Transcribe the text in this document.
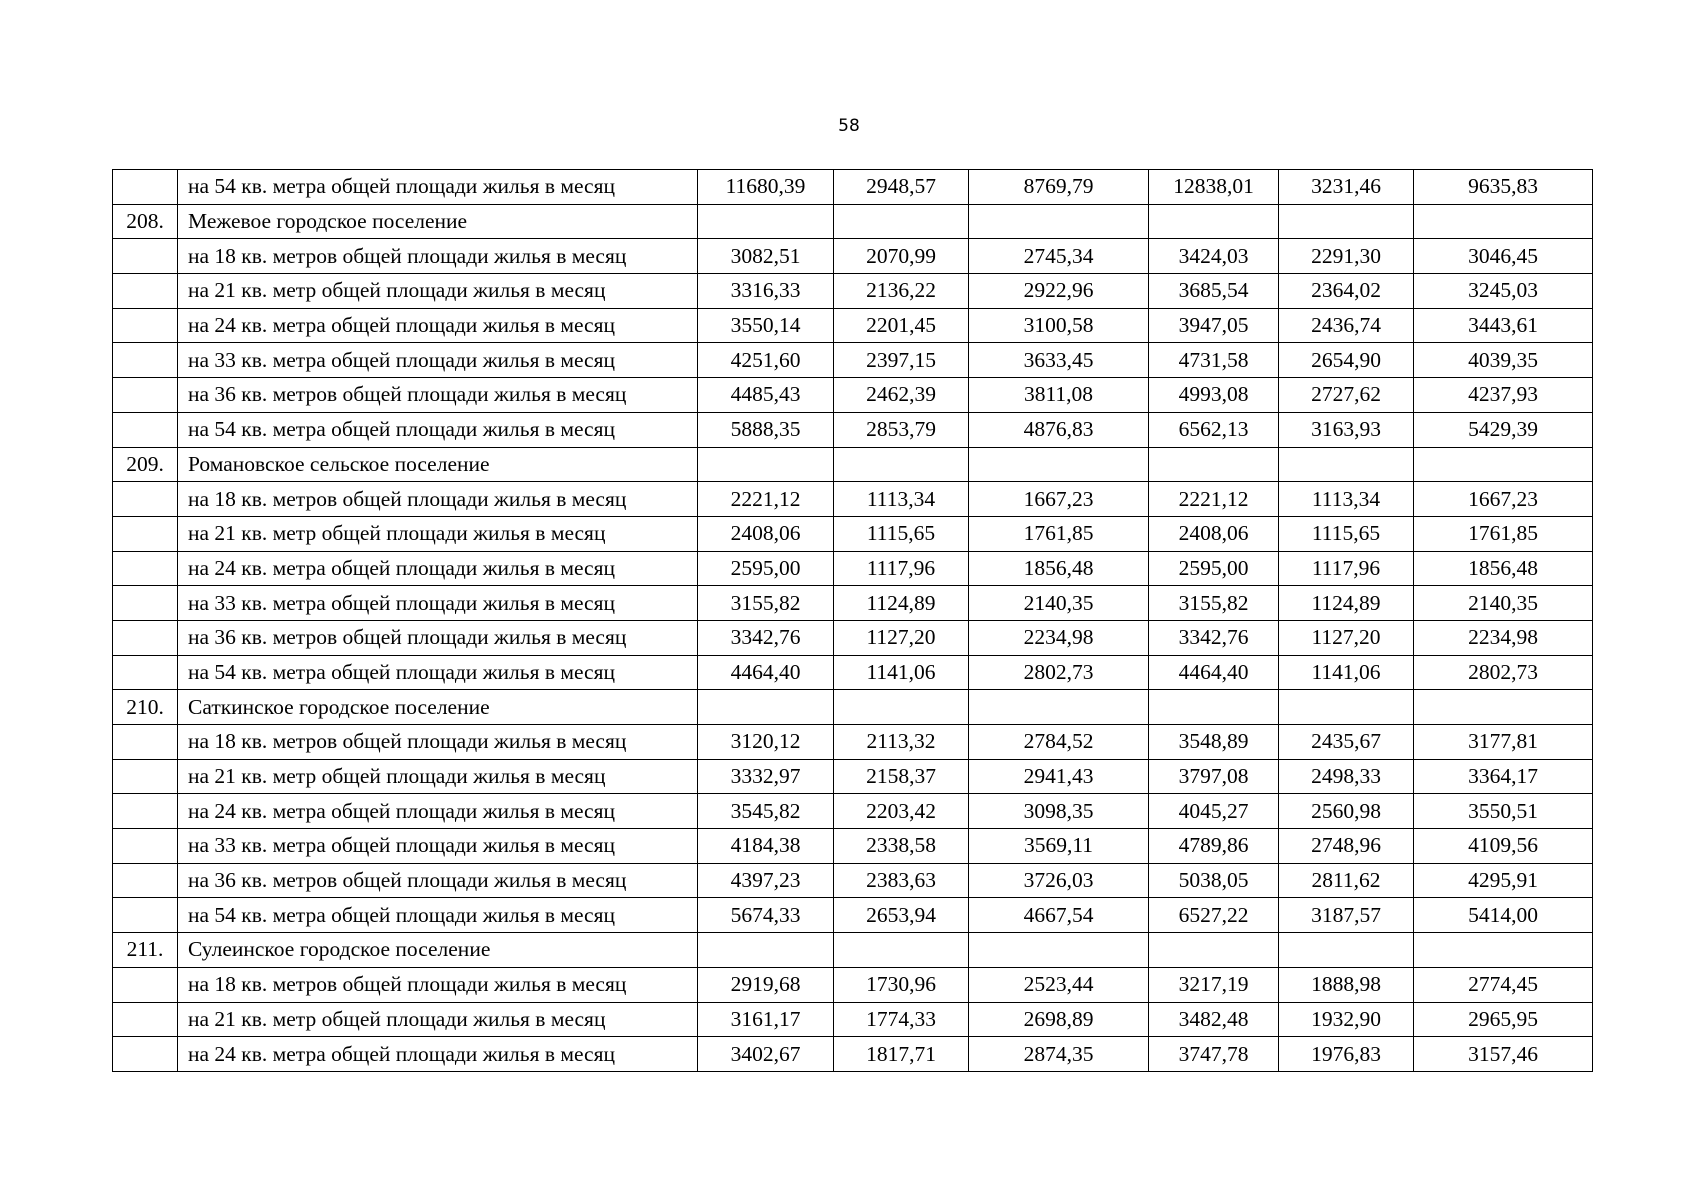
58
	на 54 кв. метра общей площади жилья в месяц	11680,39	2948,57	8769,79	12838,01	3231,46	9635,83
208.	Межевое городское поселение						
	на 18 кв. метров общей площади жилья в месяц	3082,51	2070,99	2745,34	3424,03	2291,30	3046,45
	на 21 кв. метр общей площади жилья в месяц	3316,33	2136,22	2922,96	3685,54	2364,02	3245,03
	на 24 кв. метра общей площади жилья в месяц	3550,14	2201,45	3100,58	3947,05	2436,74	3443,61
	на 33 кв. метра общей площади жилья в месяц	4251,60	2397,15	3633,45	4731,58	2654,90	4039,35
	на 36 кв. метров общей площади жилья в месяц	4485,43	2462,39	3811,08	4993,08	2727,62	4237,93
	на 54 кв. метра общей площади жилья в месяц	5888,35	2853,79	4876,83	6562,13	3163,93	5429,39
209.	Романовское сельское поселение						
	на 18 кв. метров общей площади жилья в месяц	2221,12	1113,34	1667,23	2221,12	1113,34	1667,23
	на 21 кв. метр общей площади жилья в месяц	2408,06	1115,65	1761,85	2408,06	1115,65	1761,85
	на 24 кв. метра общей площади жилья в месяц	2595,00	1117,96	1856,48	2595,00	1117,96	1856,48
	на 33 кв. метра общей площади жилья в месяц	3155,82	1124,89	2140,35	3155,82	1124,89	2140,35
	на 36 кв. метров общей площади жилья в месяц	3342,76	1127,20	2234,98	3342,76	1127,20	2234,98
	на 54 кв. метра общей площади жилья в месяц	4464,40	1141,06	2802,73	4464,40	1141,06	2802,73
210.	Саткинское городское поселение						
	на 18 кв. метров общей площади жилья в месяц	3120,12	2113,32	2784,52	3548,89	2435,67	3177,81
	на 21 кв. метр общей площади жилья в месяц	3332,97	2158,37	2941,43	3797,08	2498,33	3364,17
	на 24 кв. метра общей площади жилья в месяц	3545,82	2203,42	3098,35	4045,27	2560,98	3550,51
	на 33 кв. метра общей площади жилья в месяц	4184,38	2338,58	3569,11	4789,86	2748,96	4109,56
	на 36 кв. метров общей площади жилья в месяц	4397,23	2383,63	3726,03	5038,05	2811,62	4295,91
	на 54 кв. метра общей площади жилья в месяц	5674,33	2653,94	4667,54	6527,22	3187,57	5414,00
211.	Сулеинское городское поселение						
	на 18 кв. метров общей площади жилья в месяц	2919,68	1730,96	2523,44	3217,19	1888,98	2774,45
	на 21 кв. метр общей площади жилья в месяц	3161,17	1774,33	2698,89	3482,48	1932,90	2965,95
	на 24 кв. метра общей площади жилья в месяц	3402,67	1817,71	2874,35	3747,78	1976,83	3157,46
